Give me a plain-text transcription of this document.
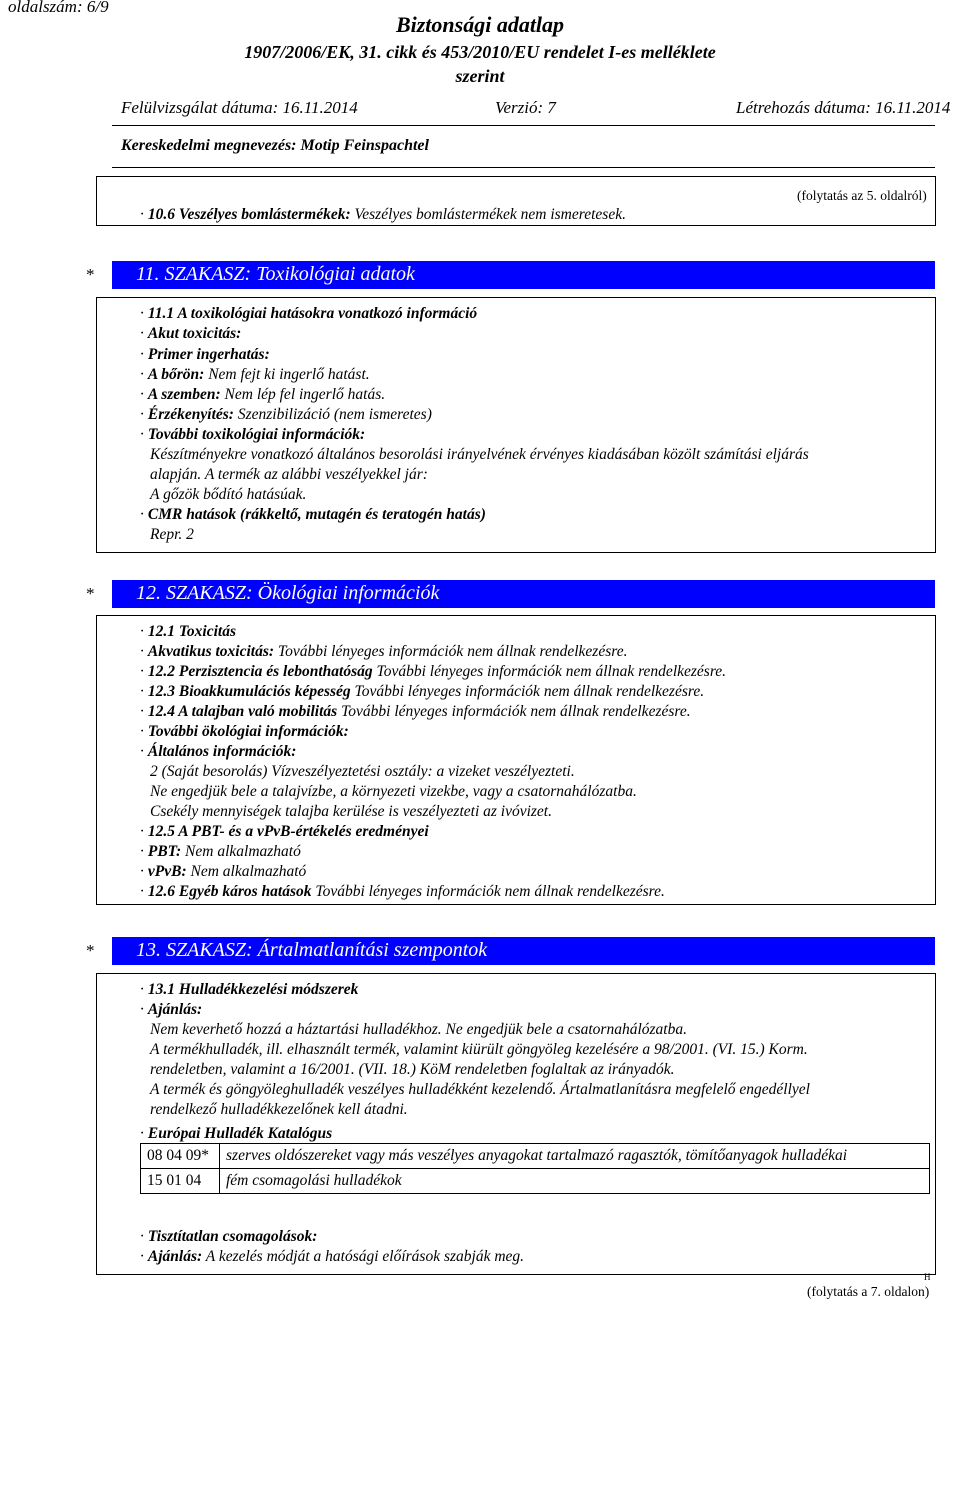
oldalszám: 6/9
Biztonsági adatlap
1907/2006/EK, 31. cikk és 453/2010/EU rendelet I-es melléklete
szerint
Felülvizsgálat dátuma: 16.11.2014	Verzió: 7	Létrehozás dátuma: 16.11.2014
Kereskedelmi megnevezés: Motip Feinspachtel
(folytatás az 5. oldalról)
· 10.6 Veszélyes bomlástermékek: Veszélyes bomlástermékek nem ismeretesek.
* 11. SZAKASZ: Toxikológiai adatok
· 11.1 A toxikológiai hatásokra vonatkozó információ
· Akut toxicitás:
· Primer ingerhatás:
· A bőrön: Nem fejt ki ingerlő hatást.
· A szemben: Nem lép fel ingerlő hatás.
· Érzékenyítés: Szenzibilizáció (nem ismeretes)
· További toxikológiai információk:
Készítményekre vonatkozó általános besorolási irányelvének érvényes kiadásában közölt számítási eljárás
alapján. A termék az alábbi veszélyekkel jár:
A gőzök bődító hatásúak.
· CMR hatások (rákkeltő, mutagén és teratogén hatás)
Repr. 2
* 12. SZAKASZ: Ökológiai információk
· 12.1 Toxicitás
· Akvatikus toxicitás: További lényeges információk nem állnak rendelkezésre.
· 12.2 Perzisztencia és lebonthatóság További lényeges információk nem állnak rendelkezésre.
· 12.3 Bioakkumulációs képesség További lényeges információk nem állnak rendelkezésre.
· 12.4 A talajban való mobilitás További lényeges információk nem állnak rendelkezésre.
· További ökológiai információk:
· Általános információk:
2 (Saját besorolás) Vízveszélyeztetési osztály: a vizeket veszélyezteti.
Ne engedjük bele a talajvízbe, a környezeti vizekbe, vagy a csatornahálózatba.
Csekély mennyiségek talajba kerülése is veszélyezteti az ivóvizet.
· 12.5 A PBT- és a vPvB-értékelés eredményei
· PBT: Nem alkalmazható
· vPvB: Nem alkalmazható
· 12.6 Egyéb káros hatások További lényeges információk nem állnak rendelkezésre.
* 13. SZAKASZ: Ártalmatlanítási szempontok
· 13.1 Hulladékkezelési módszerek
· Ajánlás:
Nem keverhető hozzá a háztartási hulladékhoz. Ne engedjük bele a csatornahálózatba.
A termékhulladék, ill. elhasznált termék, valamint kiürült göngyöleg kezelésére a 98/2001. (VI. 15.) Korm.
rendeletben, valamint a 16/2001. (VII. 18.) KöM rendeletben foglaltak az irányadók.
A termék és göngyöleghulladék veszélyes hulladékként kezelendő. Ártalmatlanításra megfelelő engedéllyel
rendelkező hulladékkezelőnek kell átadni.
· Európai Hulladék Katalógus
08 04 09*	szerves oldószereket vagy más veszélyes anyagokat tartalmazó ragasztók, tömítőanyagok hulladékai
15 01 04	fém csomagolási hulladékok
· Tisztítatlan csomagolások:
· Ajánlás: A kezelés módját a hatósági előírások szabják meg.
H
(folytatás a 7. oldalon)
